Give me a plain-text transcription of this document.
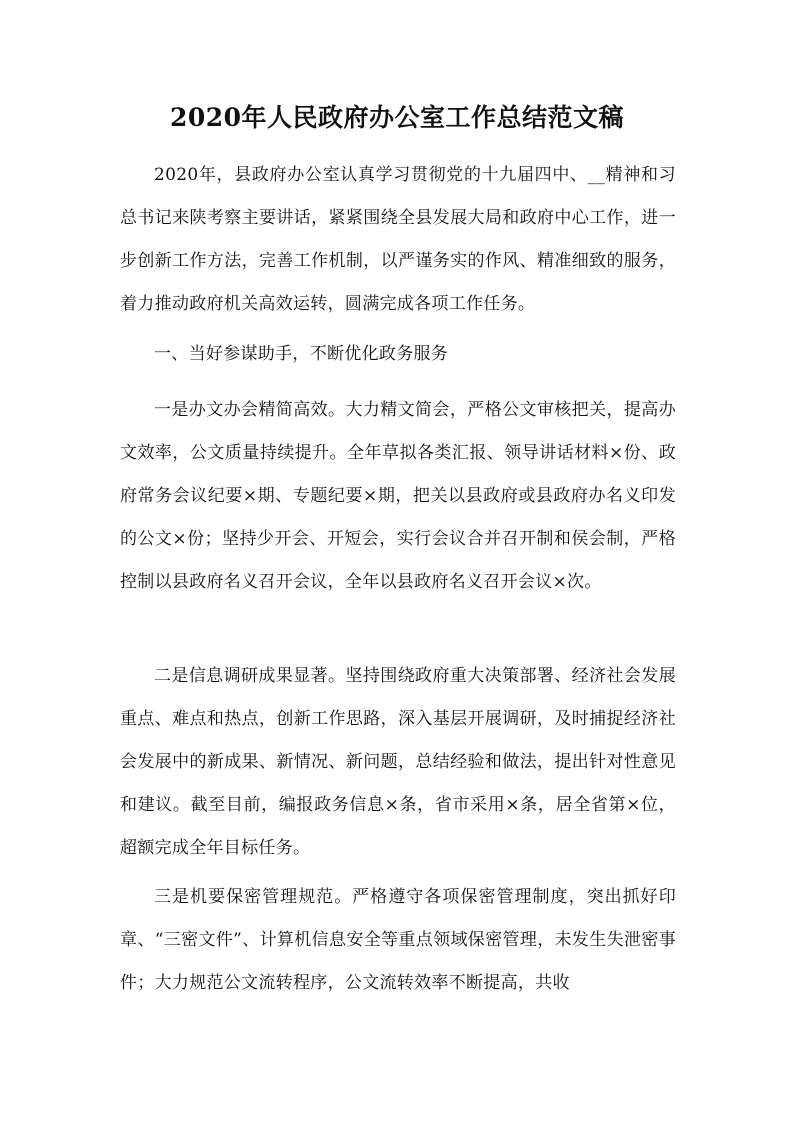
2020年人民政府办公室工作总结范文稿

2020年，县政府办公室认真学习贯彻党的十九届四中、__精神和习总书记来陕考察主要讲话，紧紧围绕全县发展大局和政府中心工作，进一步创新工作方法，完善工作机制，以严谨务实的作风、精准细致的服务，着力推动政府机关高效运转，圆满完成各项工作任务。

一、当好参谋助手，不断优化政务服务

一是办文办会精简高效。大力精文简会，严格公文审核把关，提高办文效率，公文质量持续提升。全年草拟各类汇报、领导讲话材料×份、政府常务会议纪要×期、专题纪要×期，把关以县政府或县政府办名义印发的公文×份；坚持少开会、开短会，实行会议合并召开制和侯会制，严格控制以县政府名义召开会议，全年以县政府名义召开会议×次。

二是信息调研成果显著。坚持围绕政府重大决策部署、经济社会发展重点、难点和热点，创新工作思路，深入基层开展调研，及时捕捉经济社会发展中的新成果、新情况、新问题，总结经验和做法，提出针对性意见和建议。截至目前，编报政务信息×条，省市采用×条，居全省第×位，超额完成全年目标任务。

三是机要保密管理规范。严格遵守各项保密管理制度，突出抓好印章、“三密文件”、计算机信息安全等重点领域保密管理，未发生失泄密事件；大力规范公文流转程序，公文流转效率不断提高，共收
